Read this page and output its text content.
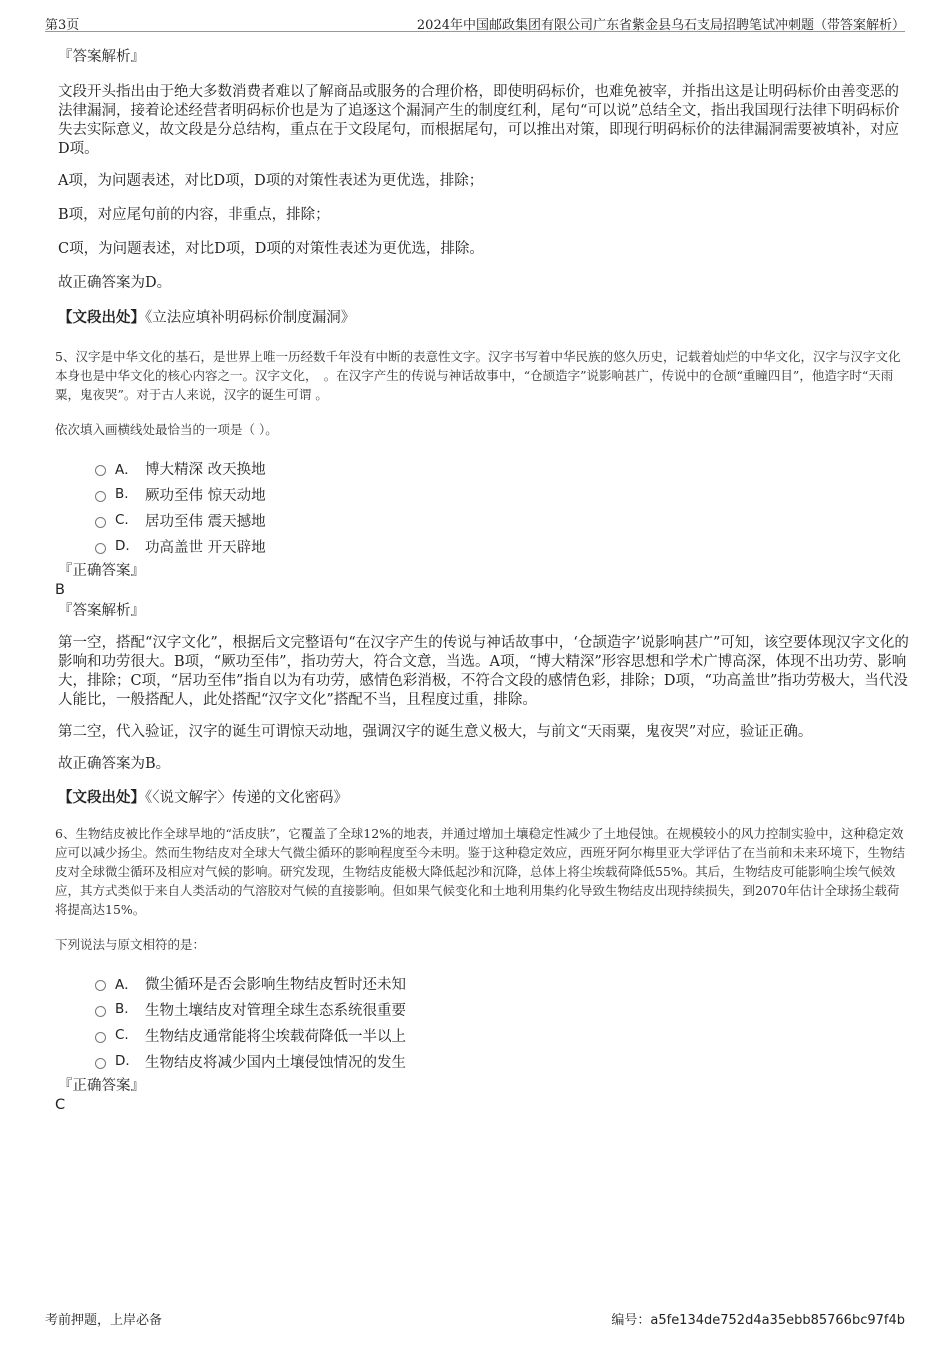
第3页	2024年中国邮政集团有限公司广东省紫金县乌石支局招聘笔试冲刺题（带答案解析）
『答案解析』
文段开头指出由于绝大多数消费者难以了解商品或服务的合理价格，即使明码标价，也难免被宰，并指出这是让明码标价由善变恶的法律漏洞，接着论述经营者明码标价也是为了追逐这个漏洞产生的制度红利，尾句“可以说”总结全文，指出我国现行法律下明码标价失去实际意义，故文段是分总结构，重点在于文段尾句，而根据尾句，可以推出对策，即现行明码标价的法律漏洞需要被填补，对应D项。
A项，为问题表述，对比D项，D项的对策性表述为更优选，排除；
B项，对应尾句前的内容，非重点，排除；
C项，为问题表述，对比D项，D项的对策性表述为更优选，排除。
故正确答案为D。
【文段出处】《立法应填补明码标价制度漏洞》
5、汉字是中华文化的基石，是世界上唯一历经数千年没有中断的表意性文字。汉字书写着中华民族的悠久历史，记载着灿烂的中华文化，汉字与汉字文化本身也是中华文化的核心内容之一。汉字文化，　。在汉字产生的传说与神话故事中，“仓颉造字”说影响甚广，传说中的仓颉“重瞳四目”，他造字时“天雨粟，鬼夜哭”。对于古人来说，汉字的诞生可谓 。
依次填入画横线处最恰当的一项是（ ）。
A． 博大精深 改天换地
B.	厥功至伟 惊天动地
C.	居功至伟 震天撼地
D.	功高盖世 开天辟地
『正确答案』
B
『答案解析』
第一空，搭配“汉字文化”，根据后文完整语句“在汉字产生的传说与神话故事中，‘仓颉造字’说影响甚广”可知，该空要体现汉字文化的影响和功劳很大。B项，“厥功至伟”，指功劳大，符合文意，当选。A项，“博大精深”形容思想和学术广博高深，体现不出功劳、影响大，排除；C项，“居功至伟”指自以为有功劳，感情色彩消极，不符合文段的感情色彩，排除；D项，“功高盖世”指功劳极大，当代没人能比，一般搭配人，此处搭配“汉字文化”搭配不当，且程度过重，排除。
第二空，代入验证，汉字的诞生可谓惊天动地，强调汉字的诞生意义极大，与前文“天雨粟，鬼夜哭”对应，验证正确。
故正确答案为B。
【文段出处】《〈说文解字〉传递的文化密码》
6、生物结皮被比作全球旱地的“活皮肤”，它覆盖了全球12%的地表，并通过增加土壤稳定性减少了土地侵蚀。在规模较小的风力控制实验中，这种稳定效应可以减少扬尘。然而生物结皮对全球大气微尘循环的影响程度至今未明。鉴于这种稳定效应，西班牙阿尔梅里亚大学评估了在当前和未来环境下，生物结皮对全球微尘循环及相应对气候的影响。研究发现，生物结皮能极大降低起沙和沉降，总体上将尘埃载荷降低55%。其后，生物结皮可能影响尘埃气候效应，其方式类似于来自人类活动的气溶胶对气候的直接影响。但如果气候变化和土地利用集约化导致生物结皮出现持续损失，到2070年估计全球扬尘载荷将提高达15%。
下列说法与原文相符的是：
A． 微尘循环是否会影响生物结皮暂时还未知
B.	生物土壤结皮对管理全球生态系统很重要
C.	生物结皮通常能将尘埃载荷降低一半以上
D.	生物结皮将减少国内土壤侵蚀情况的发生
『正确答案』
C
考前押题，上岸必备	编号：a5fe134de752d4a35ebb85766bc97f4b
